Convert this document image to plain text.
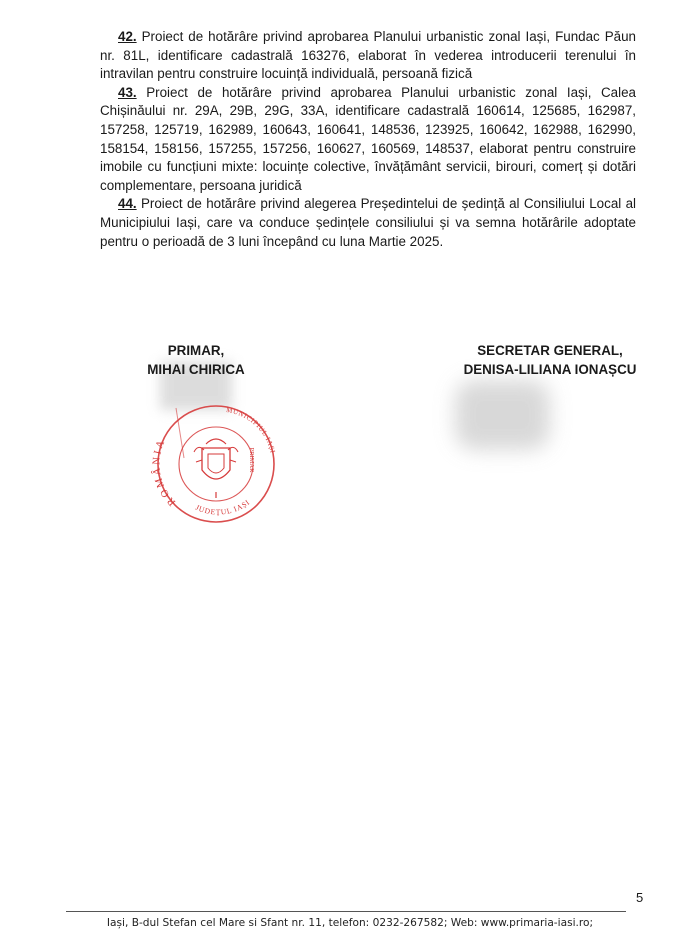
42. Proiect de hotărâre privind aprobarea Planului urbanistic zonal Iași, Fundac Păun nr. 81L, identificare cadastrală 163276, elaborat în vederea introducerii terenului în intravilan pentru construire locuință individuală, persoană fizică

43. Proiect de hotărâre privind aprobarea Planului urbanistic zonal Iași, Calea Chișinăului nr. 29A, 29B, 29G, 33A, identificare cadastrală 160614, 125685, 162987, 157258, 125719, 162989, 160643, 160641, 148536, 123925, 160642, 162988, 162990, 158154, 158156, 157255, 157256, 160627, 160569, 148537, elaborat pentru construire imobile cu funcțiuni mixte: locuințe colective, învățământ servicii, birouri, comerț și dotări complementare, persoana juridică

44. Proiect de hotărâre privind alegerea Președintelui de ședință al Consiliului Local al Municipiului Iași, care va conduce ședințele consiliului și va semna hotărârile adoptate pentru o perioadă de 3 luni începând cu luna Martie 2025.

PRIMAR,
MIHAI CHIRICA
SECRETAR GENERAL,
DENISA-LILIANA IONAȘCU
ROMÂNIA
MUNICIPIUL IAȘI
JUDEȚUL IAȘI
PRIMAR
5
Iași, B-dul Stefan cel Mare si Sfant nr. 11, telefon: 0232-267582; Web: www.primaria-iasi.ro;
